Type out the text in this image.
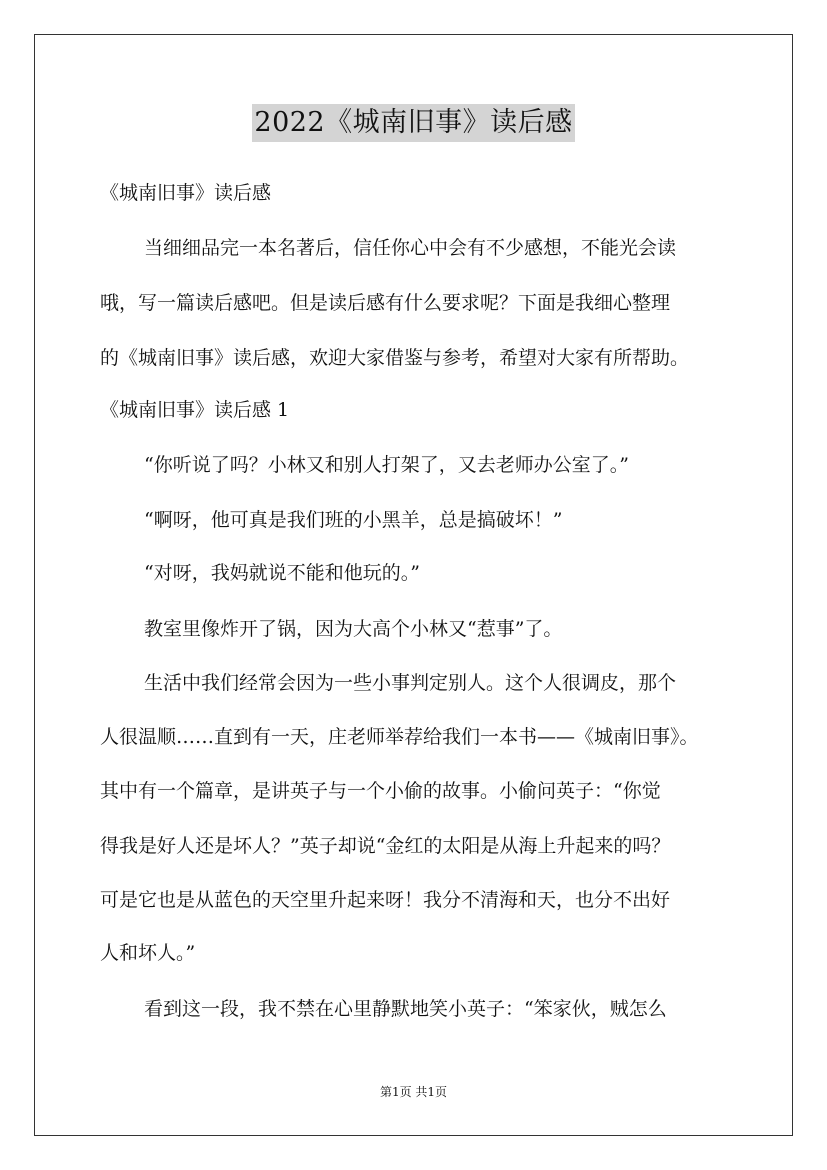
2022《城南旧事》读后感
《城南旧事》读后感
当细细品完一本名著后，信任你心中会有不少感想，不能光会读
哦，写一篇读后感吧。但是读后感有什么要求呢？下面是我细心整理
的《城南旧事》读后感，欢迎大家借鉴与参考，希望对大家有所帮助。
《城南旧事》读后感 1
“你听说了吗？小林又和别人打架了，又去老师办公室了。”
“啊呀，他可真是我们班的小黑羊，总是搞破坏！”
“对呀，我妈就说不能和他玩的。”
教室里像炸开了锅，因为大高个小林又“惹事”了。
生活中我们经常会因为一些小事判定别人。这个人很调皮，那个
人很温顺……直到有一天，庄老师举荐给我们一本书——《城南旧事》。
其中有一个篇章，是讲英子与一个小偷的故事。小偷问英子：“你觉
得我是好人还是坏人？”英子却说“金红的太阳是从海上升起来的吗？
可是它也是从蓝色的天空里升起来呀！我分不清海和天，也分不出好
人和坏人。”
看到这一段，我不禁在心里静默地笑小英子：“笨家伙，贼怎么
第1页 共1页
